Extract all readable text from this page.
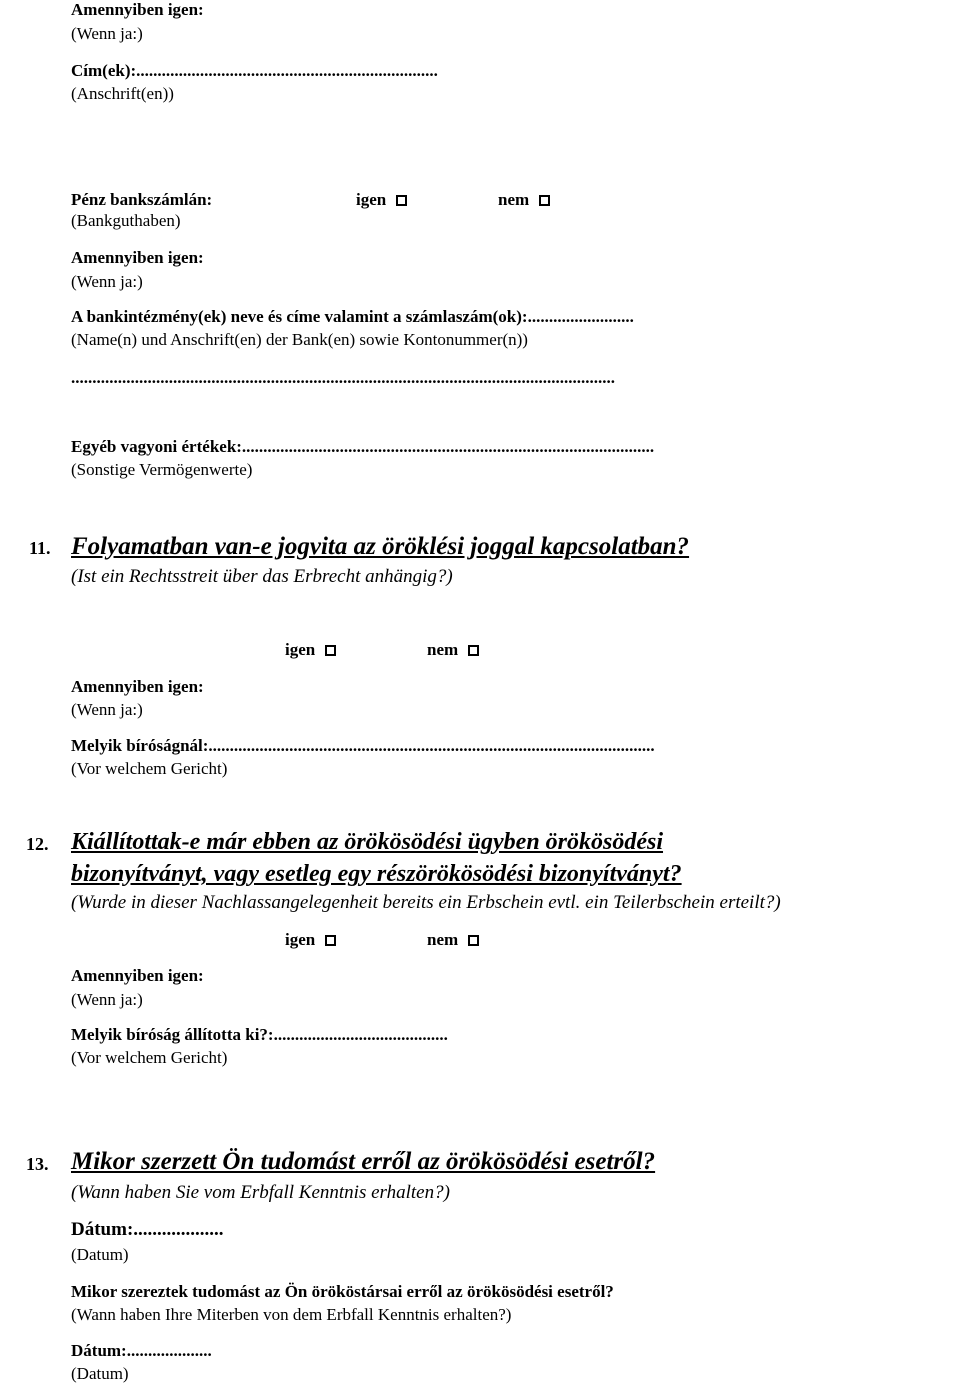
Amennyiben igen:
(Wenn ja:)
Cím(ek):.......................................................................
(Anschrift(en))
Pénz bankszámlán:	igen	nem
(Bankguthaben)
Amennyiben igen:
(Wenn ja:)
A bankintézmény(ek) neve és címe valamint a számlaszám(ok):.........................
(Name(n) und Anschrift(en) der Bank(en) sowie Kontonummer(n))
................................................................................................................................
Egyéb vagyoni értékek:.................................................................................................
(Sonstige Vermögenwerte)
11. Folyamatban van-e jogvita az öröklési joggal kapcsolatban?
(Ist ein Rechtsstreit über das Erbrecht anhängig?)
igen	nem
Amennyiben igen:
(Wenn ja:)
Melyik bíróságnál:.........................................................................................................
(Vor welchem Gericht)
12. Kiállítottak-e már ebben az örökösödési ügyben örökösödési
bizonyítványt, vagy esetleg egy részörökösödési bizonyítványt?
(Wurde in dieser Nachlassangelegenheit bereits ein Erbschein evtl. ein Teilerbschein erteilt?)
igen	nem
Amennyiben igen:
(Wenn ja:)
Melyik bíróság állította ki?:.........................................
(Vor welchem Gericht)
13. Mikor szerzett Ön tudomást erről az örökösödési esetről?
(Wann haben Sie vom Erbfall Kenntnis erhalten?)
Dátum:...................
(Datum)
Mikor szereztek tudomást az Ön örököstársai erről az örökösödési esetről?
(Wann haben Ihre Miterben von dem Erbfall Kenntnis erhalten?)
Dátum:....................
(Datum)
